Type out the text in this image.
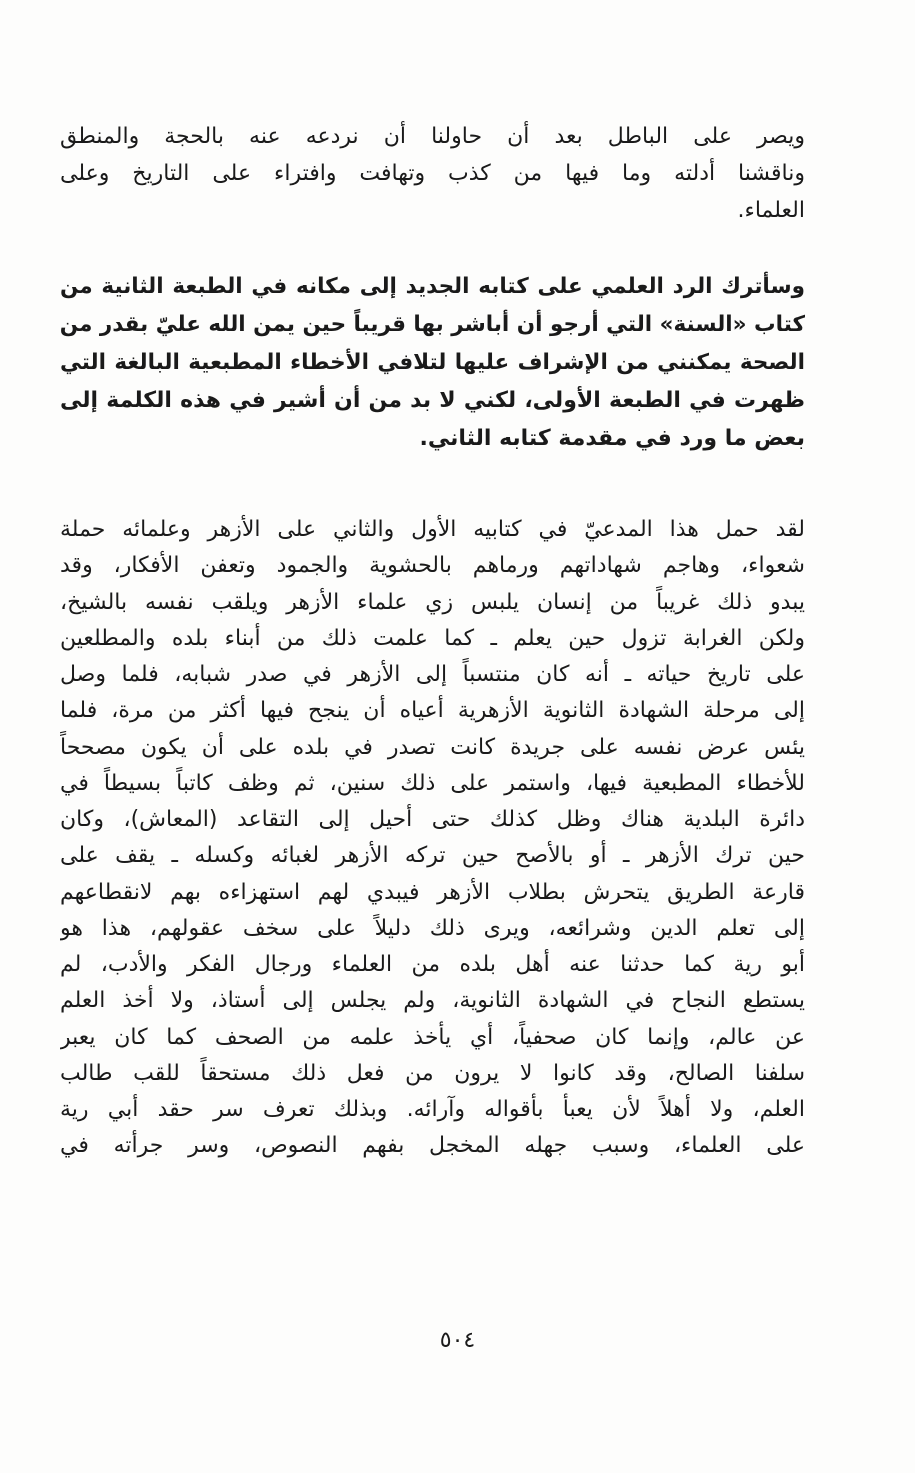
ويصر على الباطل بعد أن حاولنا أن نردعه عنه بالحجة والمنطق
وناقشنا أدلته وما فيها من كذب وتهافت وافتراء على التاريخ وعلى
العلماء.
وسأترك الرد العلمي على كتابه الجديد إلى مكانه في الطبعة الثانية من
كتاب «السنة» التي أرجو أن أباشر بها قريباً حين يمن الله عليّ بقدر من
الصحة يمكنني من الإشراف عليها لتلافي الأخطاء المطبعية البالغة التي
ظهرت في الطبعة الأولى، لكني لا بد من أن أشير في هذه الكلمة إلى
بعض ما ورد في مقدمة كتابه الثاني.
لقد حمل هذا المدعيّ في كتابيه الأول والثاني على الأزهر وعلمائه حملة
شعواء، وهاجم شهاداتهم ورماهم بالحشوية والجمود وتعفن الأفكار، وقد
يبدو ذلك غريباً من إنسان يلبس زي علماء الأزهر ويلقب نفسه بالشيخ،
ولكن الغرابة تزول حين يعلم ـ كما علمت ذلك من أبناء بلده والمطلعين
على تاريخ حياته ـ أنه كان منتسباً إلى الأزهر في صدر شبابه، فلما وصل
إلى مرحلة الشهادة الثانوية الأزهرية أعياه أن ينجح فيها أكثر من مرة، فلما
يئس عرض نفسه على جريدة كانت تصدر في بلده على أن يكون مصححاً
للأخطاء المطبعية فيها، واستمر على ذلك سنين، ثم وظف كاتباً بسيطاً في
دائرة البلدية هناك وظل كذلك حتى أحيل إلى التقاعد (المعاش)، وكان
حين ترك الأزهر ـ أو بالأصح حين تركه الأزهر لغبائه وكسله ـ يقف على
قارعة الطريق يتحرش بطلاب الأزهر فيبدي لهم استهزاءه بهم لانقطاعهم
إلى تعلم الدين وشرائعه، ويرى ذلك دليلاً على سخف عقولهم، هذا هو
أبو رية كما حدثنا عنه أهل بلده من العلماء ورجال الفكر والأدب، لم
يستطع النجاح في الشهادة الثانوية، ولم يجلس إلى أستاذ، ولا أخذ العلم
عن عالم، وإنما كان صحفياً، أي يأخذ علمه من الصحف كما كان يعبر
سلفنا الصالح، وقد كانوا لا يرون من فعل ذلك مستحقاً للقب طالب
العلم، ولا أهلاً لأن يعبأ بأقواله وآرائه. وبذلك تعرف سر حقد أبي رية
على العلماء، وسبب جهله المخجل بفهم النصوص، وسر جرأته في
٥٠٤
